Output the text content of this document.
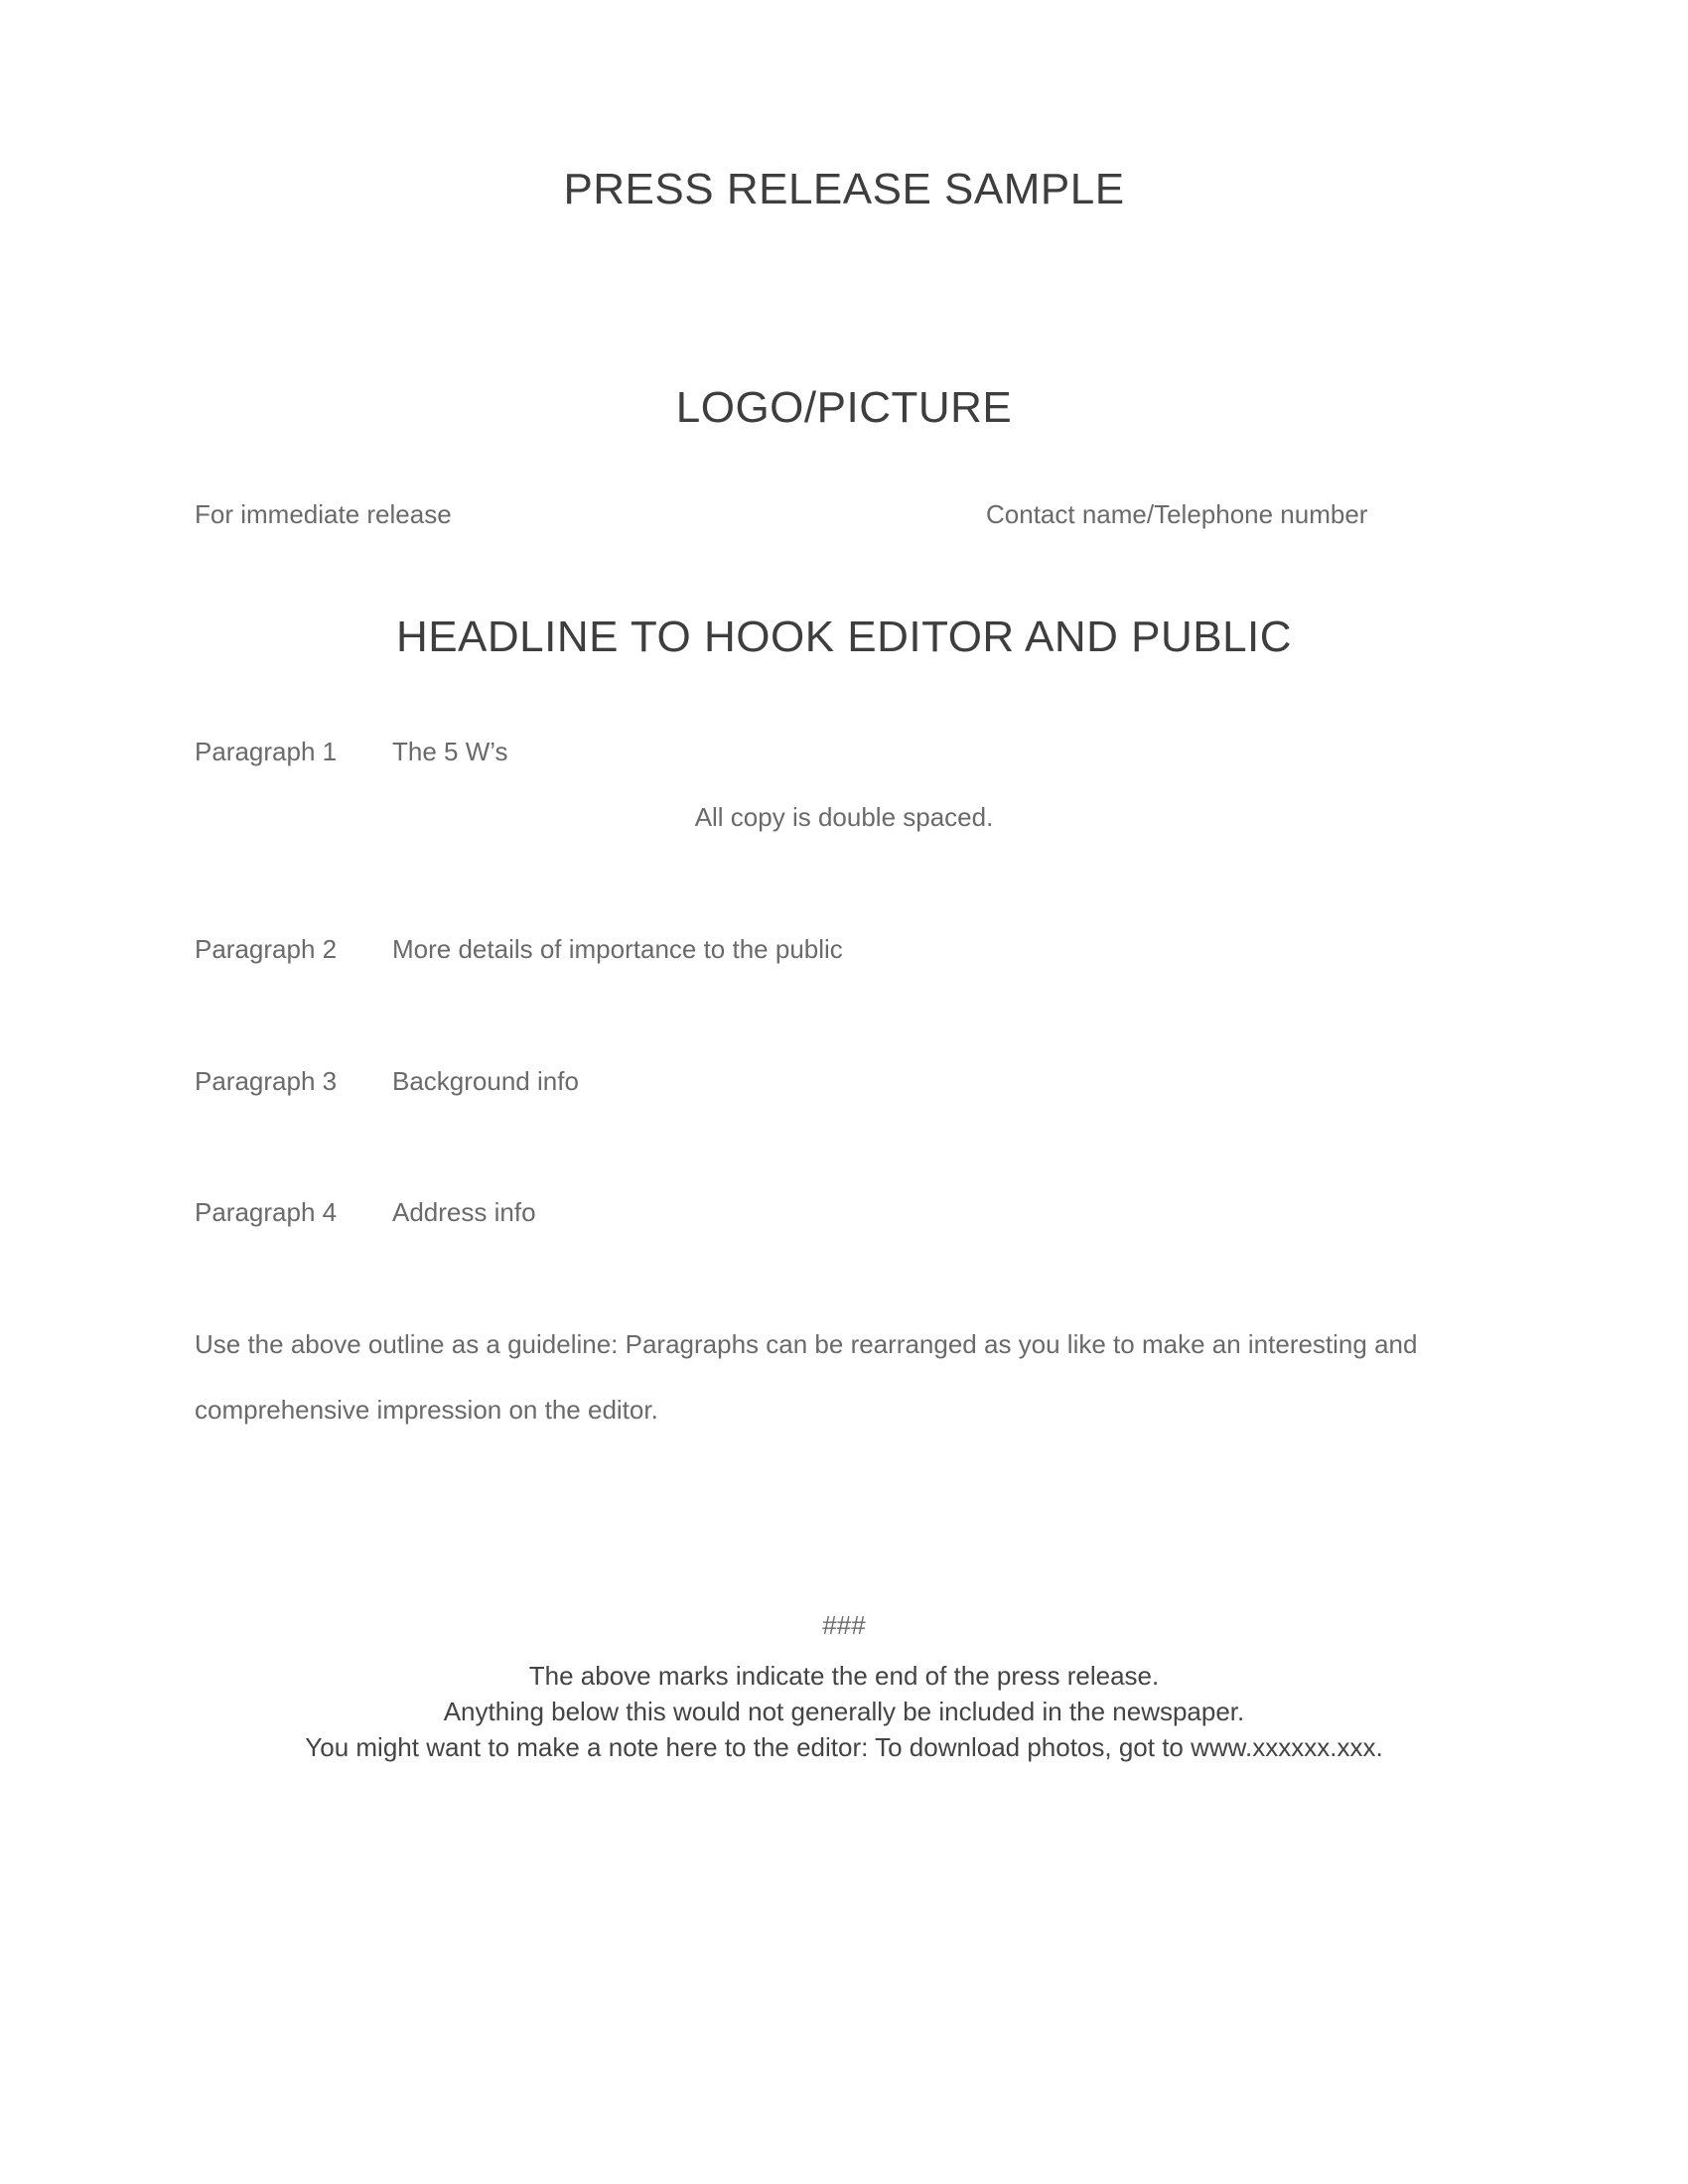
PRESS RELEASE SAMPLE
LOGO/PICTURE
For immediate release	Contact name/Telephone number
HEADLINE TO HOOK EDITOR AND PUBLIC
Paragraph 1 The 5 W’s
All copy is double spaced.
Paragraph 2 More details of importance to the public
Paragraph 3 Background info
Paragraph 4 Address info
Use the above outline as a guideline: Paragraphs can be rearranged as you like to make an interesting and
comprehensive impression on the editor.
###
The above marks indicate the end of the press release.
Anything below this would not generally be included in the newspaper.
You might want to make a note here to the editor: To download photos, got to www.xxxxxx.xxx.
